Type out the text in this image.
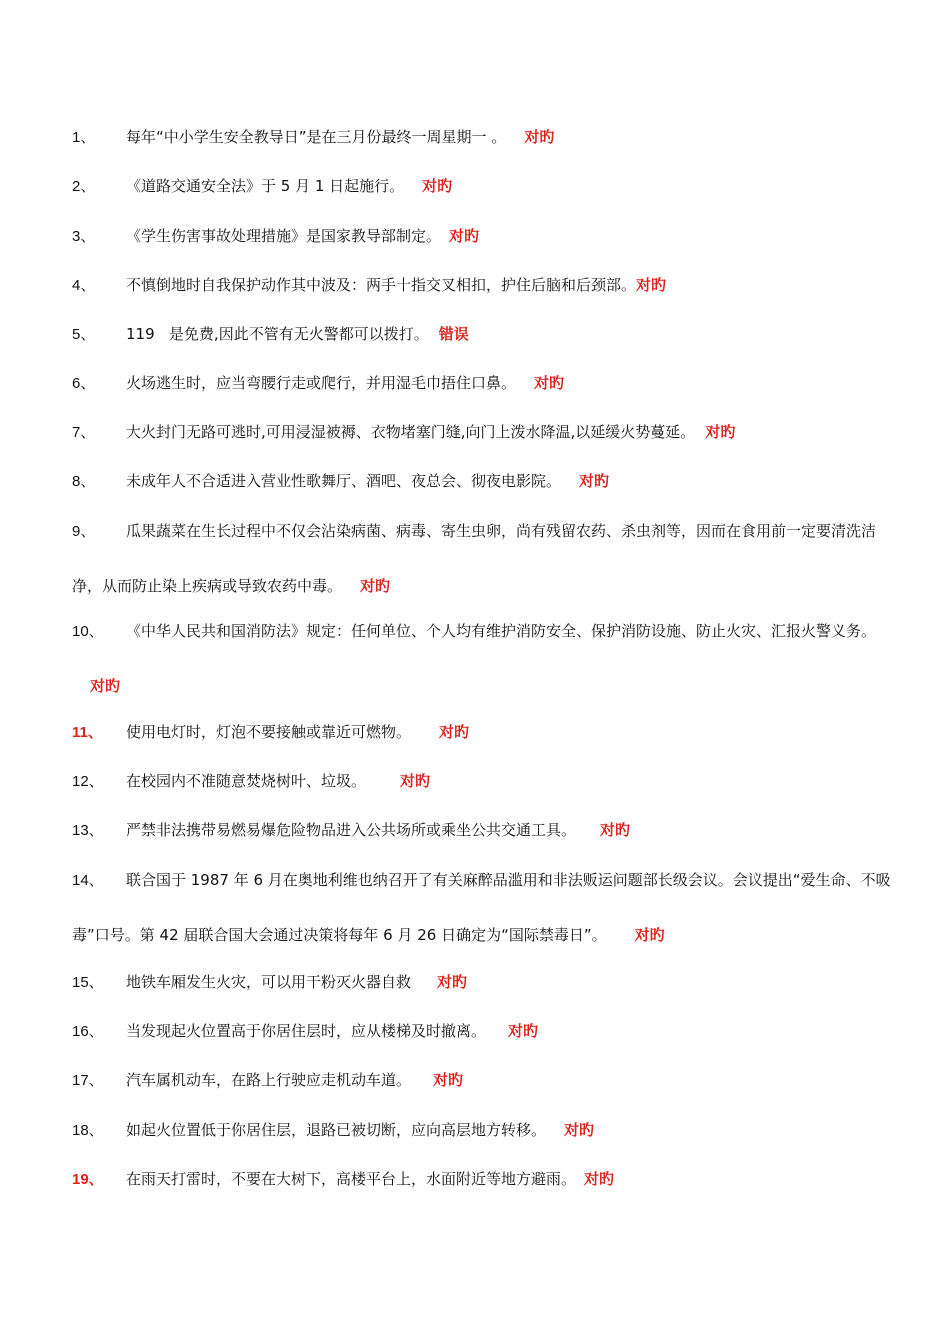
1、 每年“中小学生安全教导日”是在三月份最终一周星期一 。 对旳
2、 《道路交通安全法》于 5 月 1 日起施行。 对旳
3、 《学生伤害事故处理措施》是国家教导部制定。 对旳
4、 不慎倒地时自我保护动作其中波及：两手十指交叉相扣，护住后脑和后颈部。对旳
5、 119   是免费,因此不管有无火警都可以拨打。 错误
6、 火场逃生时，应当弯腰行走或爬行，并用湿毛巾捂住口鼻。 对旳
7、 大火封门无路可逃时,可用浸湿被褥、衣物堵塞门缝,向门上泼水降温,以延缓火势蔓延。 对旳
8、 未成年人不合适进入营业性歌舞厅、酒吧、夜总会、彻夜电影院。 对旳
9、 瓜果蔬菜在生长过程中不仅会沾染病菌、病毒、寄生虫卵，尚有残留农药、杀虫剂等，因而在食用前一定要清洗洁净，从而防止染上疾病或导致农药中毒。 对旳
10、 《中华人民共和国消防法》规定：任何单位、个人均有维护消防安全、保护消防设施、防止火灾、汇报火警义务。对旳
11、 使用电灯时，灯泡不要接触或靠近可燃物。 对旳
12、 在校园内不准随意焚烧树叶、垃圾。 对旳
13、 严禁非法携带易燃易爆危险物品进入公共场所或乘坐公共交通工具。 对旳
14、 联合国于 1987 年 6 月在奥地利维也纳召开了有关麻醉品滥用和非法贩运问题部长级会议。会议提出“爱生命、不吸毒”口号。第 42 届联合国大会通过决策将每年 6 月 26 日确定为“国际禁毒日”。 对旳
15、 地铁车厢发生火灾，可以用干粉灭火器自救 对旳
16、 当发现起火位置高于你居住层时，应从楼梯及时撤离。 对旳
17、 汽车属机动车，在路上行驶应走机动车道。 对旳
18、 如起火位置低于你居住层，退路已被切断，应向高层地方转移。 对旳
19、 在雨天打雷时，不要在大树下，高楼平台上，水面附近等地方避雨。 对旳
